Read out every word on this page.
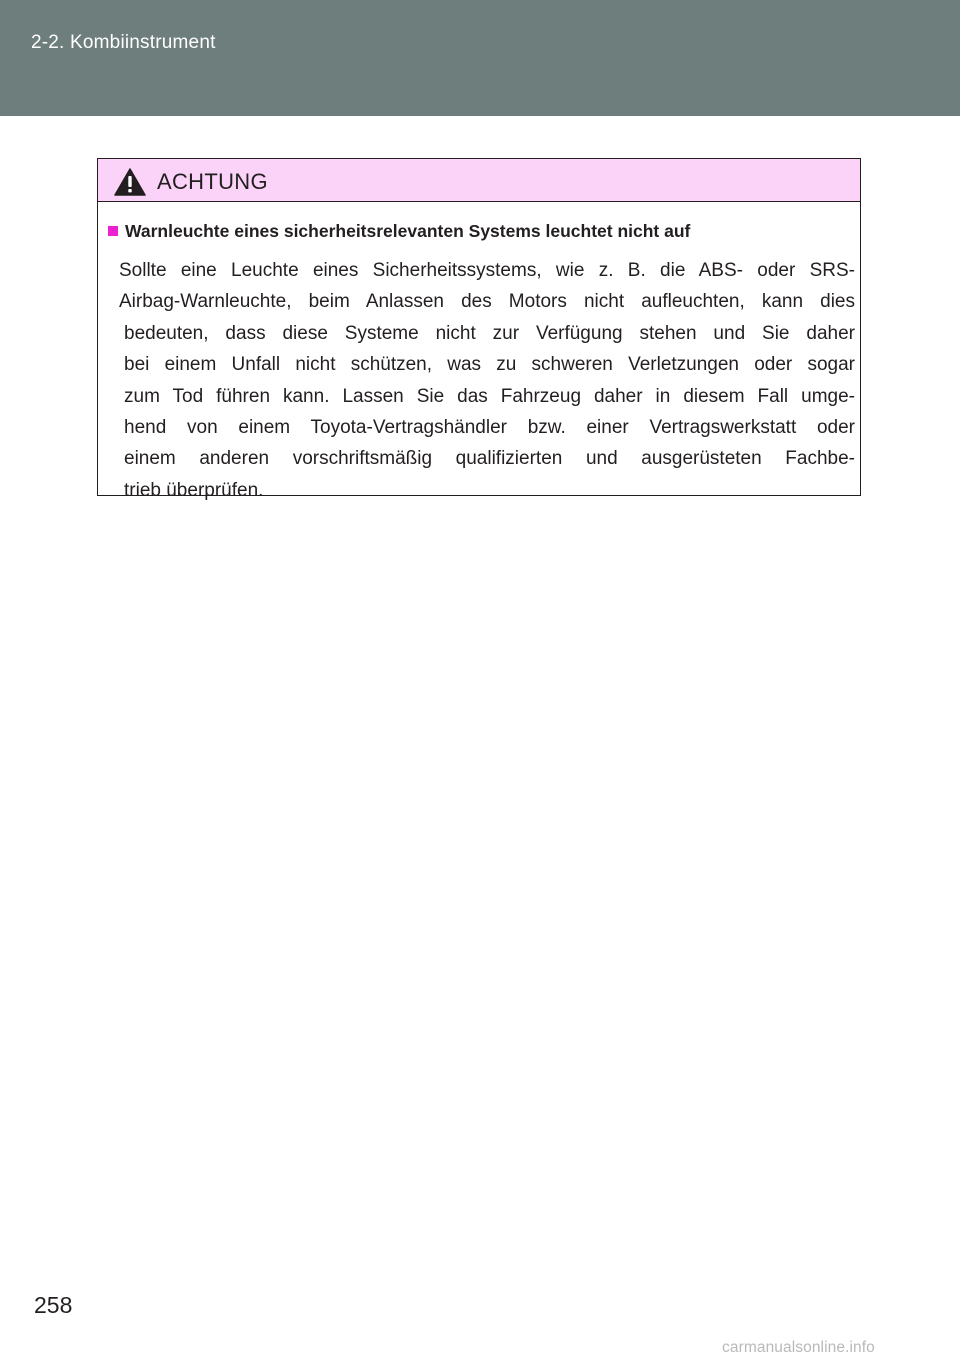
2-2. Kombiinstrument
ACHTUNG
Warnleuchte eines sicherheitsrelevanten Systems leuchtet nicht auf

Sollte eine Leuchte eines Sicherheitssystems, wie z. B. die ABS- oder SRS-
Airbag-Warnleuchte, beim Anlassen des Motors nicht aufleuchten, kann dies
bedeuten, dass diese Systeme nicht zur Verfügung stehen und Sie daher
bei einem Unfall nicht schützen, was zu schweren Verletzungen oder sogar
zum Tod führen kann. Lassen Sie das Fahrzeug daher in diesem Fall umge-
hend von einem Toyota-Vertragshändler bzw. einer Vertragswerkstatt oder
einem anderen vorschriftsmäßig qualifizierten und ausgerüsteten Fachbe-
trieb überprüfen.

258
carmanualsonline.info
